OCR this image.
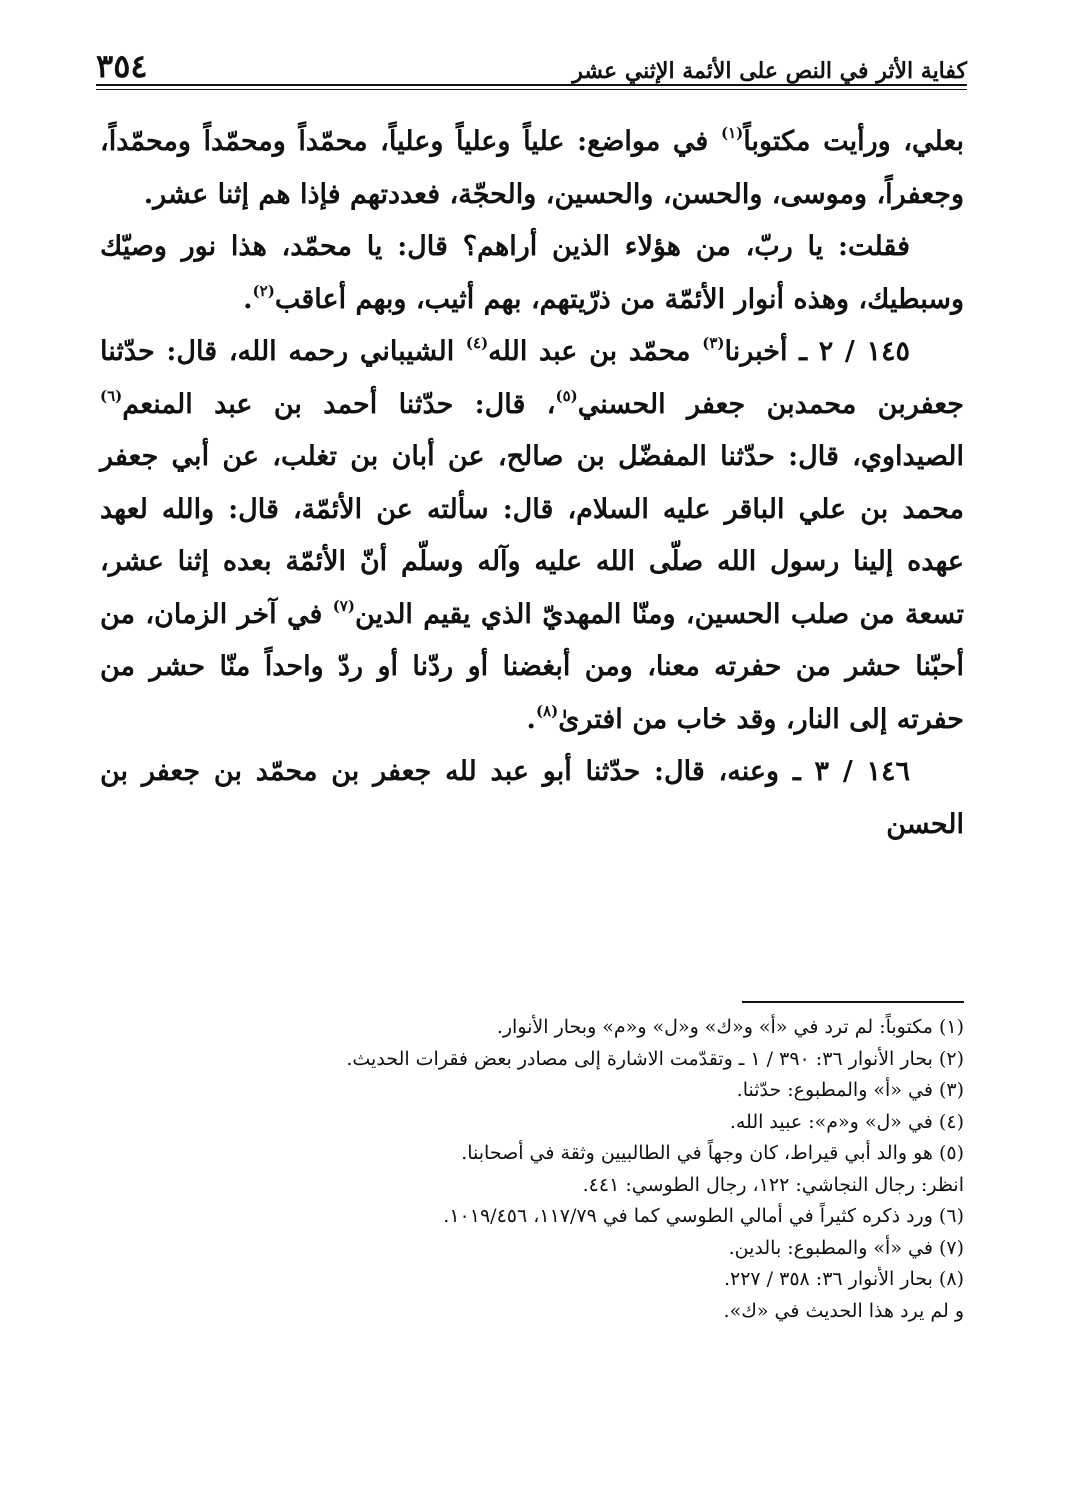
٣٥٤	كفاية الأثر في النص على الأئمة الإثني عشر

بعلي، ورأيت مكتوباً$^{(١)}$ في مواضع: علياً وعلياً وعلياً، محمّداً ومحمّداً ومحمّداً، وجعفراً، وموسى، والحسن، والحسين، والحجّة، فعددتهم فإذا هم إثنا عشر.

فقلت: يا ربّ، من هؤلاء الذين أراهم؟ قال: يا محمّد، هذا نور وصيّك وسبطيك، وهذه أنوار الأئمّة من ذرّيتهم، بهم أثيب، وبهم أعاقب$^{(٢)}$.

١٤٥ / ٢ ـ أخبرنا$^{(٣)}$ محمّد بن عبد الله$^{(٤)}$ الشيباني رحمه الله، قال: حدّثنا جعفربن محمدبن جعفر الحسني$^{(٥)}$، قال: حدّثنا أحمد بن عبد المنعم$^{(٦)}$ الصيداوي، قال: حدّثنا المفضّل بن صالح، عن أبان بن تغلب، عن أبي جعفر محمد بن علي الباقر عليه السلام، قال: سألته عن الأئمّة، قال: والله لعهد عهده إلينا رسول الله صلّى الله عليه وآله وسلّم أنّ الأئمّة بعده إثنا عشر، تسعة من صلب الحسين، ومنّا المهديّ الذي يقيم الدين$^{(٧)}$ في آخر الزمان، من أحبّنا حشر من حفرته معنا، ومن أبغضنا أو ردّنا أو ردّ واحداً منّا حشر من حفرته إلى النار، وقد خاب من افترىٰ$^{(٨)}$.

١٤٦ / ٣ ـ وعنه، قال: حدّثنا أبو عبد لله جعفر بن محمّد بن جعفر بن الحسن

(١) مكتوباً: لم ترد في «أ» و«ك» و«ل» و«م» وبحار الأنوار.

(٢) بحار الأنوار ٣٦: ٣٩٠ / ١ ـ وتقدّمت الاشارة إلى مصادر بعض فقرات الحديث.

(٣) في «أ» والمطبوع: حدّثنا.

(٤) في «ل» و«م»: عبيد الله.

(٥) هو والد أبي قيراط، كان وجهاً في الطالبيين وثقة في أصحابنا.

انظر: رجال النجاشي: ١٢٢، رجال الطوسي: ٤٤١.

(٦) ورد ذكره كثيراً في أمالي الطوسي كما في ١١٧/٧٩، ١٠١٩/٤٥٦.

(٧) في «أ» والمطبوع: بالدين.

(٨) بحار الأنوار ٣٦: ٣٥٨ / ٢٢٧.

و لم يرد هذا الحديث في «ك».
